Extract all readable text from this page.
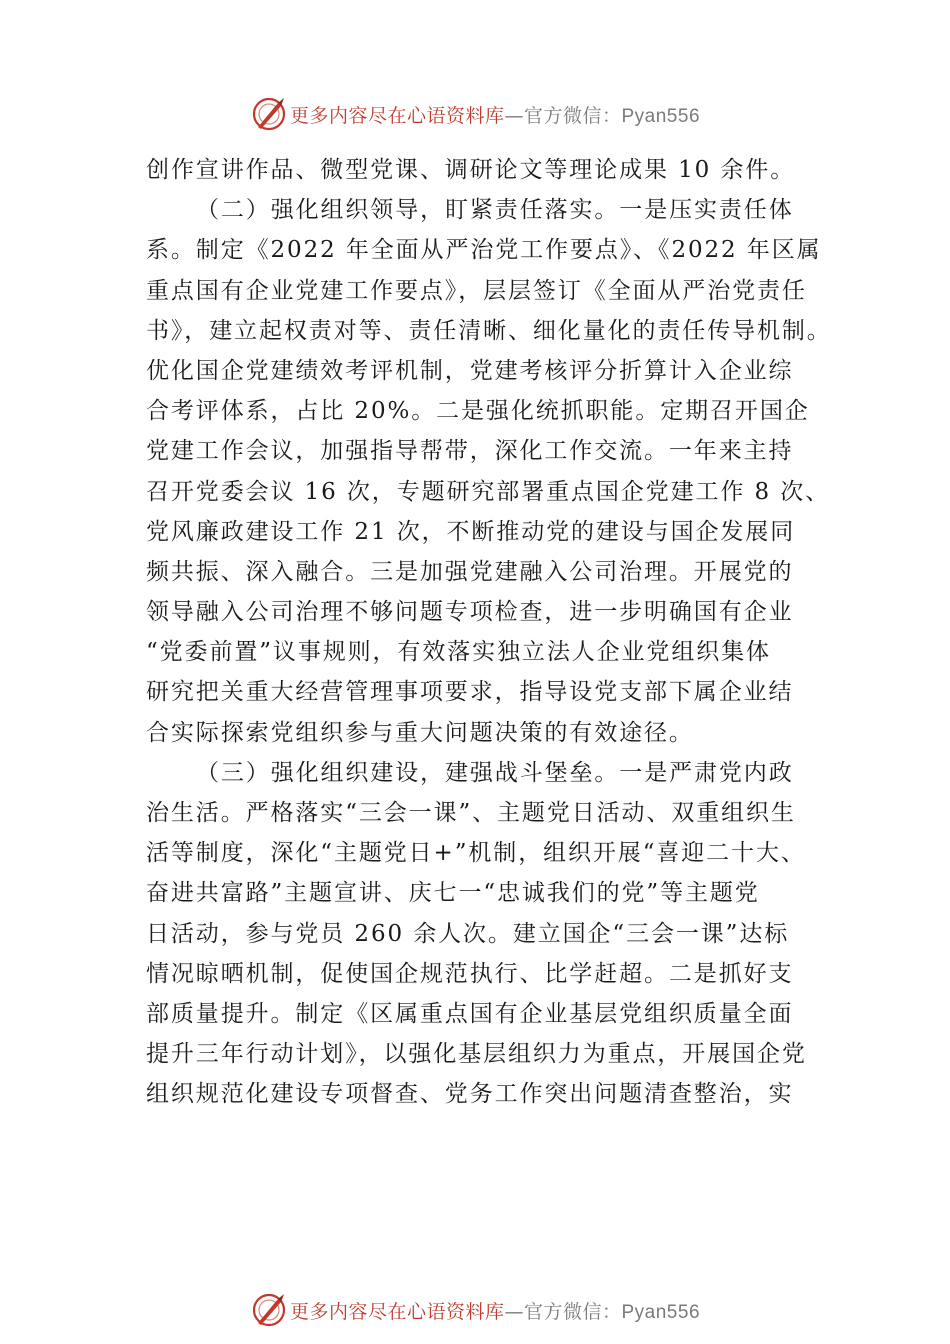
更多内容尽在心语资料库—官方微信：Pyan556
创作宣讲作品、微型党课、调研论文等理论成果 10 余件。
（二）强化组织领导，盯紧责任落实。一是压实责任体
系。制定《2022 年全面从严治党工作要点》、《2022 年区属
重点国有企业党建工作要点》，层层签订《全面从严治党责任
书》，建立起权责对等、责任清晰、细化量化的责任传导机制。
优化国企党建绩效考评机制，党建考核评分折算计入企业综
合考评体系，占比 20%。二是强化统抓职能。定期召开国企
党建工作会议，加强指导帮带，深化工作交流。一年来主持
召开党委会议 16 次，专题研究部署重点国企党建工作 8 次、
党风廉政建设工作 21 次，不断推动党的建设与国企发展同
频共振、深入融合。三是加强党建融入公司治理。开展党的
领导融入公司治理不够问题专项检查，进一步明确国有企业
“党委前置”议事规则，有效落实独立法人企业党组织集体
研究把关重大经营管理事项要求，指导设党支部下属企业结
合实际探索党组织参与重大问题决策的有效途径。
（三）强化组织建设，建强战斗堡垒。一是严肃党内政
治生活。严格落实“三会一课”、主题党日活动、双重组织生
活等制度，深化“主题党日+”机制，组织开展“喜迎二十大、
奋进共富路”主题宣讲、庆七一“忠诚我们的党”等主题党
日活动，参与党员 260 余人次。建立国企“三会一课”达标
情况晾晒机制，促使国企规范执行、比学赶超。二是抓好支
部质量提升。制定《区属重点国有企业基层党组织质量全面
提升三年行动计划》，以强化基层组织力为重点，开展国企党
组织规范化建设专项督查、党务工作突出问题清查整治，实
更多内容尽在心语资料库—官方微信：Pyan556
